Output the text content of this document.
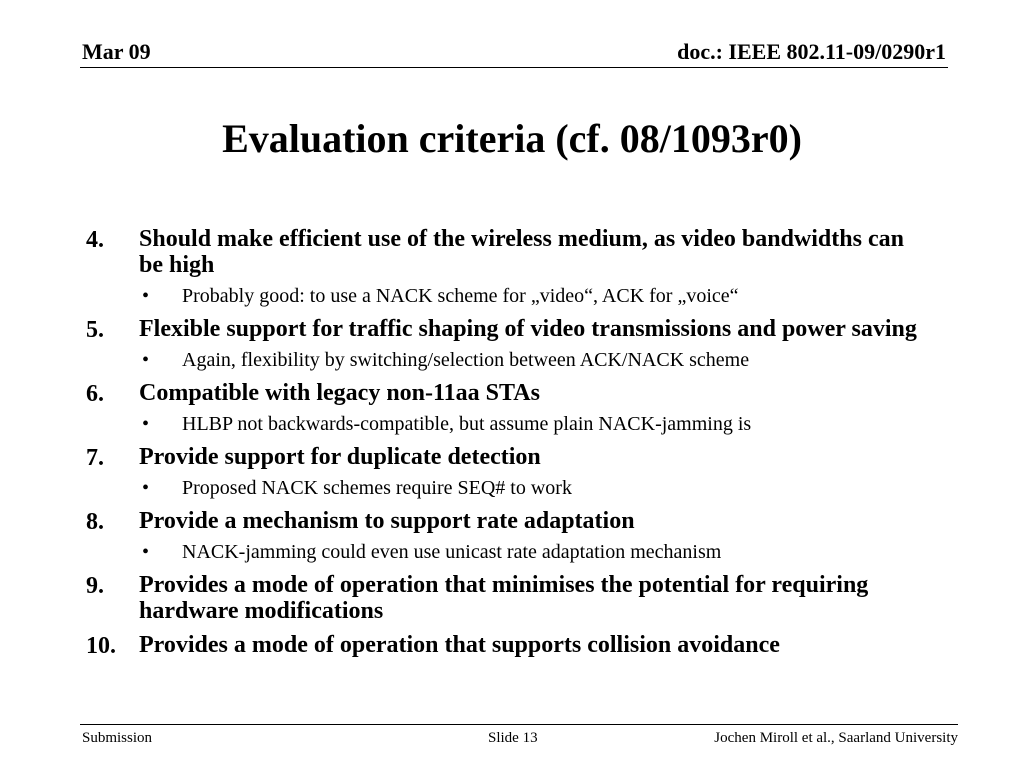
Mar 09	doc.: IEEE 802.11-09/0290r1
Evaluation criteria (cf. 08/1093r0)
4. Should make efficient use of the wireless medium, as video bandwidths can be high
• Probably good: to use a NACK scheme for „video“, ACK for „voice“
5. Flexible support for traffic shaping of video transmissions and power saving
• Again, flexibility by switching/selection between ACK/NACK scheme
6. Compatible with legacy non-11aa STAs
• HLBP not backwards-compatible, but assume plain NACK-jamming is
7. Provide support for duplicate detection
• Proposed NACK schemes require SEQ# to work
8. Provide a mechanism to support rate adaptation
• NACK-jamming could even use unicast rate adaptation mechanism
9. Provides a mode of operation that minimises the potential for requiring hardware modifications
10. Provides a mode of operation that supports collision avoidance
Submission	Slide 13	Jochen Miroll et al., Saarland University
